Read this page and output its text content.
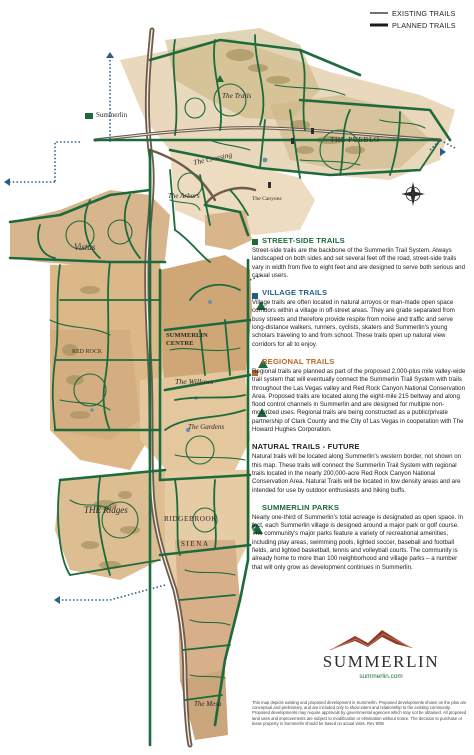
EXISTING TRAILS
PLANNED TRAILS
Summerlin
The Trails
The Crossing
The Arbors
THE PUEBLO
The Canyons
Vistas
SUMMERLIN CENTRE
RED ROCK
The Willows
The Gardens
THE Ridges
RIDGEBROOK
SIENA
The Mesa
STREET-SIDE TRAILS

Street-side trails are the backbone of the Summerlin Trail System. Always landscaped on both sides and set several feet off the road, street-side trails vary in width from five to eight feet and are designed to serve both serious and casual users.

VILLAGE TRAILS

Village trails are often located in natural arroyos or man-made open space corridors within a village in off-street areas. They are grade separated from busy streets and therefore provide respite from noise and traffic and serve long-distance walkers, runners, cyclists, skaters and Summerlin's young scholars traveling to and from school. These trails open up natural view corridors for all to enjoy.

REGIONAL TRAILS

Regional trails are planned as part of the proposed 2,000-plus mile valley-wide trail system that will eventually connect the Summerlin Trail System with trails throughout the Las Vegas valley and Red Rock Canyon National Conservation Area. Proposed trails are located along the eight-mile 215 beltway and along flood control channels in Summerlin and are designed for multiple non-motorized uses. Regional trails are being constructed as a public/private partnership of Clark County and the City of Las Vegas in cooperation with The Howard Hughes Corporation.

NATURAL TRAILS - FUTURE

Natural trails will be located along Summerlin's western border, not shown on this map. These trails will connect the Summerlin Trail System with regional trails located in the nearly 200,000-acre Red Rock Canyon National Conservation Area. Natural Trails will be located in low density areas and are intended for use by outdoor enthusiasts and hiking buffs.

SUMMERLIN PARKS

Nearly one-third of Summerlin's total acreage is designated as open space. In fact, each Summerlin village is designed around a major park or golf course. The community's major parks feature a variety of recreational amenities, including play areas, swimming pools, lighted soccer, baseball and football fields, and lighted basketball, tennis and volleyball courts. The community is already home to more than 100 neighborhood and village parks – a number that will only grow as development continues in Summerlin.

SUMMERLIN
summerlin.com
This map depicts existing and proposed development in Summerlin. Proposed developments shown on the plan are conceptual and preliminary, and are included only to show intent and relationship to the existing community. Proposed developments may require approvals by governmental agencies which may not be obtained. All proposed land uses and improvements are subject to modification or elimination without notice. The decision to purchase or lease property in Summerlin should be based on actual visits. Rev 9/08
